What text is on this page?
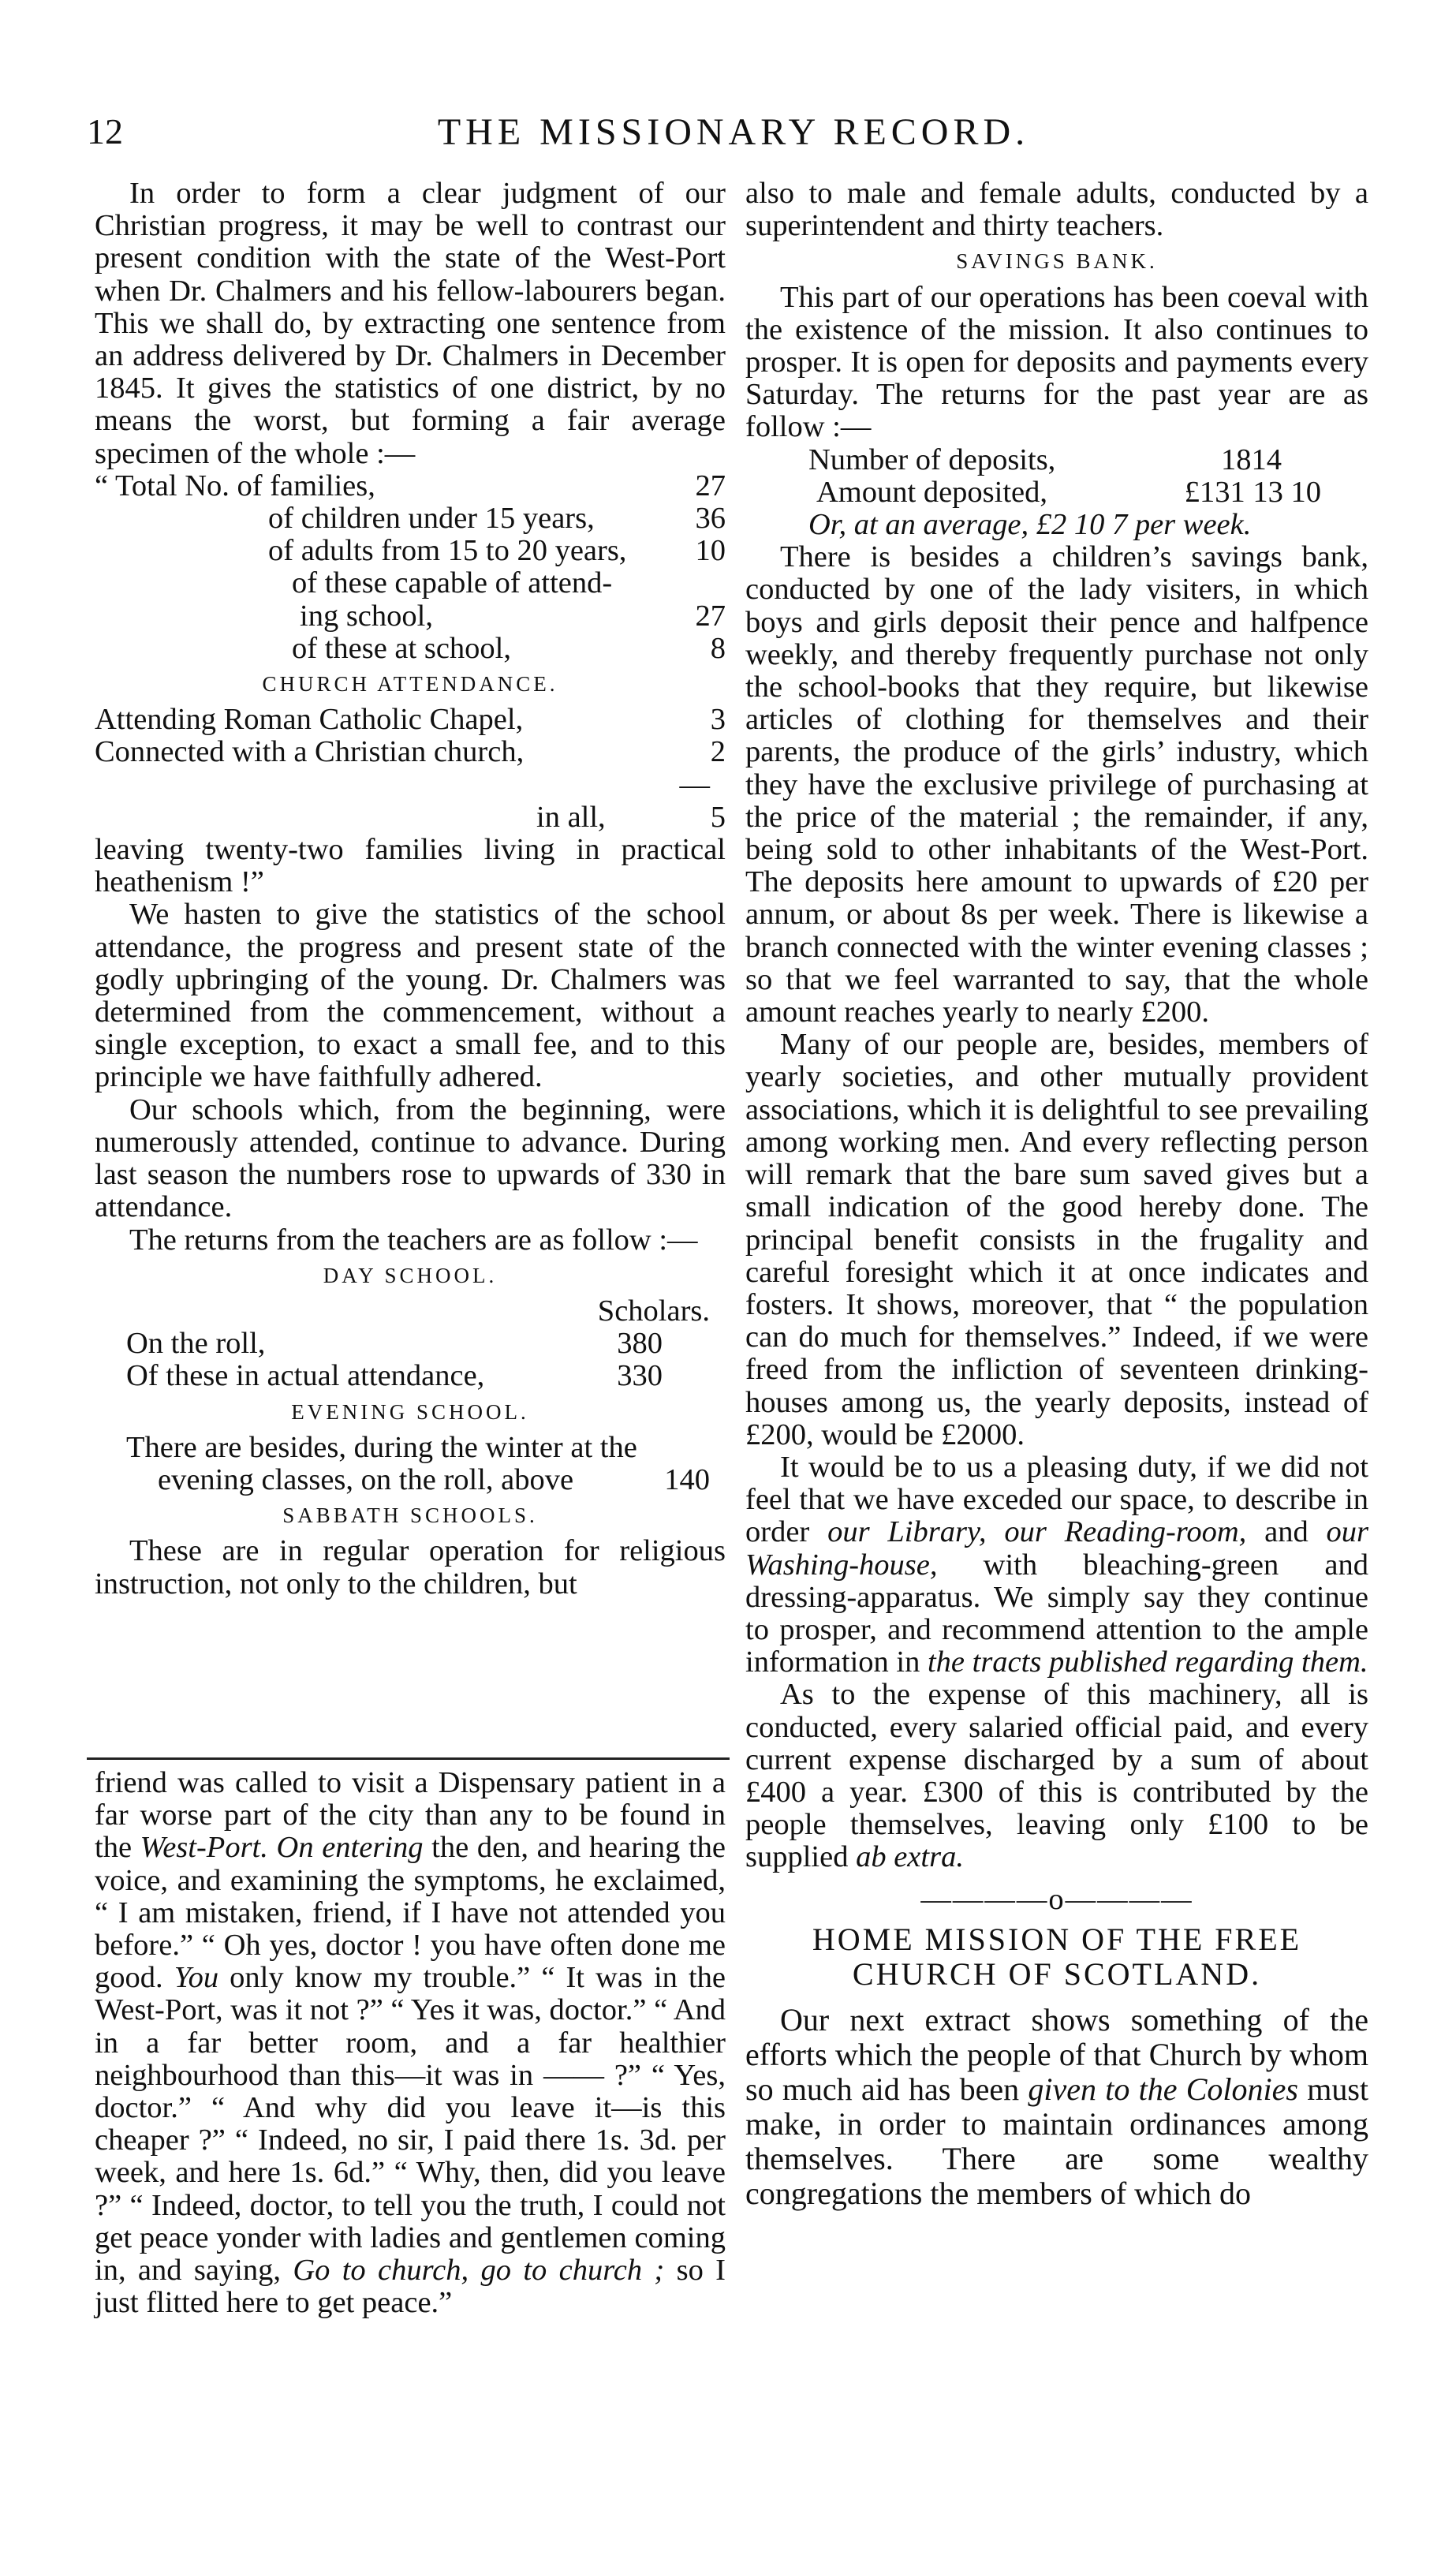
12	THE MISSIONARY RECORD.

In order to form a clear judgment of our Christian progress, it may be well to contrast our present condition with the state of the West-Port when Dr. Chalmers and his fellow-labourers began. This we shall do, by extracting one sentence from an address delivered by Dr. Chalmers in December 1845. It gives the statistics of one district, by no means the worst, but forming a fair average specimen of the whole :—

“ Total No. of families,	27
of children under 15 years,	36
of adults from 15 to 20 years,	10
of these capable of attend-
ing school,	27
of these at school,	8
CHURCH ATTENDANCE.
Attending Roman Catholic Chapel,	3
Connected with a Christian church,	2
—
in all,	5

leaving twenty-two families living in practical heathenism !”

We hasten to give the statistics of the school attendance, the progress and present state of the godly upbringing of the young. Dr. Chalmers was determined from the commencement, without a single exception, to exact a small fee, and to this principle we have faithfully adhered.

Our schools which, from the beginning, were numerously attended, continue to advance. During last season the numbers rose to upwards of 330 in attendance.

The returns from the teachers are as follow :—

DAY SCHOOL.
Scholars.
On the roll,	380
Of these in actual attendance,	330
EVENING SCHOOL.
There are besides, during the winter at the evening classes, on the roll, above	140
SABBATH SCHOOLS.

These are in regular operation for religious instruction, not only to the children, but

friend was called to visit a Dispensary patient in a far worse part of the city than any to be found in the West-Port. On entering the den, and hearing the voice, and examining the symptoms, he exclaimed, “ I am mistaken, friend, if I have not attended you before.” “ Oh yes, doctor ! you have often done me good. You only know my trouble.” “ It was in the West-Port, was it not ?” “ Yes it was, doctor.” “ And in a far better room, and a far healthier neighbourhood than this—it was in —— ?” “ Yes, doctor.” “ And why did you leave it—is this cheaper ?” “ Indeed, no sir, I paid there 1s. 3d. per week, and here 1s. 6d.” “ Why, then, did you leave ?” “ Indeed, doctor, to tell you the truth, I could not get peace yonder with ladies and gentlemen coming in, and saying, Go to church, go to church ; so I just flitted here to get peace.”

also to male and female adults, conducted by a superintendent and thirty teachers.

SAVINGS BANK.

This part of our operations has been coeval with the existence of the mission. It also continues to prosper. It is open for deposits and payments every Saturday. The returns for the past year are as follow :—

Number of deposits,	1814
Amount deposited,	£131 13 10

Or, at an average, £2 10 7 per week.

There is besides a children’s savings bank, conducted by one of the lady visiters, in which boys and girls deposit their pence and halfpence weekly, and thereby frequently purchase not only the school-books that they require, but likewise articles of clothing for themselves and their parents, the produce of the girls’ industry, which they have the exclusive privilege of purchasing at the price of the material ; the remainder, if any, being sold to other inhabitants of the West-Port. The deposits here amount to upwards of £20 per annum, or about 8s per week. There is likewise a branch connected with the winter evening classes ; so that we feel warranted to say, that the whole amount reaches yearly to nearly £200.

Many of our people are, besides, members of yearly societies, and other mutually provident associations, which it is delightful to see prevailing among working men. And every reflecting person will remark that the bare sum saved gives but a small indication of the good hereby done. The principal benefit consists in the frugality and careful foresight which it at once indicates and fosters. It shows, moreover, that “ the population can do much for themselves.” Indeed, if we were freed from the infliction of seventeen drinking-houses among us, the yearly deposits, instead of £200, would be £2000.

It would be to us a pleasing duty, if we did not feel that we have exceded our space, to describe in order our Library, our Reading-room, and our Washing-house, with bleaching-green and dressing-apparatus. We simply say they continue to prosper, and recommend attention to the ample information in the tracts published regarding them.

As to the expense of this machinery, all is conducted, every salaried official paid, and every current expense discharged by a sum of about £400 a year. £300 of this is contributed by the people themselves, leaving only £100 to be supplied ab extra.

————o————
HOME MISSION OF THE FREE CHURCH OF SCOTLAND.

Our next extract shows something of the efforts which the people of that Church by whom so much aid has been given to the Colonies must make, in order to maintain ordinances among themselves. There are some wealthy congregations the members of which do
